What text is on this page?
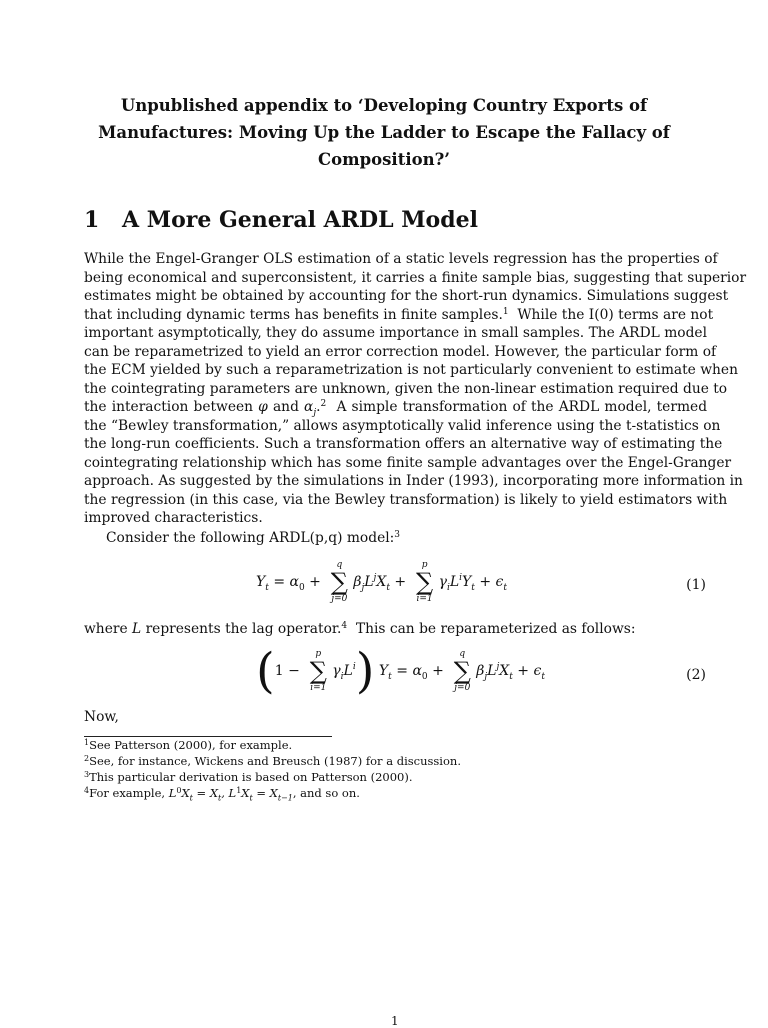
Unpublished appendix to ‘Developing Country Exports of
Manufactures: Moving Up the Ladder to Escape the Fallacy of
Composition?’
1 A More General ARDL Model
While the Engel-Granger OLS estimation of a static levels regression has the properties of
being economical and superconsistent, it carries a finite sample bias, suggesting that superior
estimates might be obtained by accounting for the short-run dynamics. Simulations suggest
that including dynamic terms has benefits in finite samples.$^1$ While the I(0) terms are not
important asymptotically, they do assume importance in small samples. The ARDL model
can be reparametrized to yield an error correction model. However, the particular form of
the ECM yielded by such a reparametrization is not particularly convenient to estimate when
the cointegrating parameters are unknown, given the non-linear estimation required due to
the interaction between φ and $\alpha_j.^2$ A simple transformation of the ARDL model, termed
the “Bewley transformation,” allows asymptotically valid inference using the t-statistics on
the long-run coefficients. Such a transformation offers an alternative way of estimating the
cointegrating relationship which has some finite sample advantages over the Engel-Granger
approach. As suggested by the simulations in Inder (1993), incorporating more information in
the regression (in this case, via the Bewley transformation) is likely to yield estimators with
improved characteristics.
Consider the following ARDL(p,q) model:$^3$
$Y_t = \alpha_0$ +
q
∑
j=0
$\beta_jL^jX_t$ +
p
∑
i=1
$\gamma_iL^iY_t + \epsilon_t$	(1)
where L represents the lag operator.$^4$ This can be reparameterized as follows:
(1 −
p
∑
i=1
$\gamma_iL^i$) $Y_t = \alpha_0$ +
q
∑
j=0
$\beta_jL^jX_t + \epsilon_t$	(2)
Now,
$^1$See Patterson (2000), for example.
$^2$See, for instance, Wickens and Breusch (1987) for a discussion.
$^3$This particular derivation is based on Patterson (2000).
$^4$For example, $L^0X_t = X_t$, $L^1X_t = X_{t-1}$, and so on.
1
